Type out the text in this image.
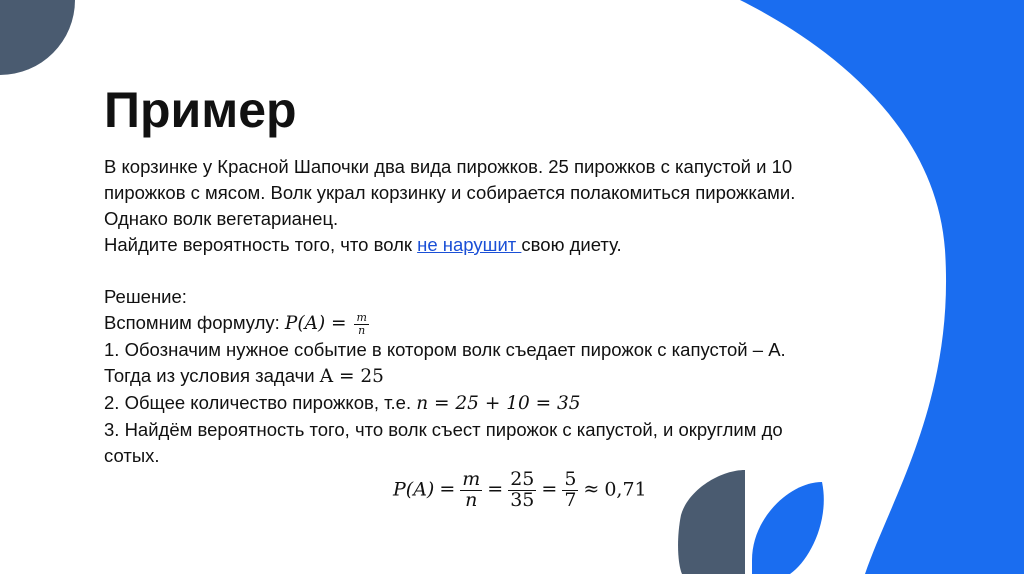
Пример
В корзинке у Красной Шапочки два вида пирожков. 25 пирожков с капустой и 10
пирожков с мясом. Волк украл корзинку и собирается полакомиться пирожками.
Однако волк вегетарианец.
Найдите вероятность того, что волк не нарушит свою диету.
Решение:
Вспомним формулу: $P(A) = \frac{m}{n}$
1. Обозначим нужное событие в котором волк съедает пирожок с капустой – А.
Тогда из условия задачи A = 25
2. Общее количество пирожков, т.е. n = 25 + 10 = 35
3. Найдём вероятность того, что волк съест пирожок с капустой, и округлим до
сотых.
$P(A) = \frac{m}{n} = \frac{25}{35} = \frac{5}{7} \approx 0,71$
